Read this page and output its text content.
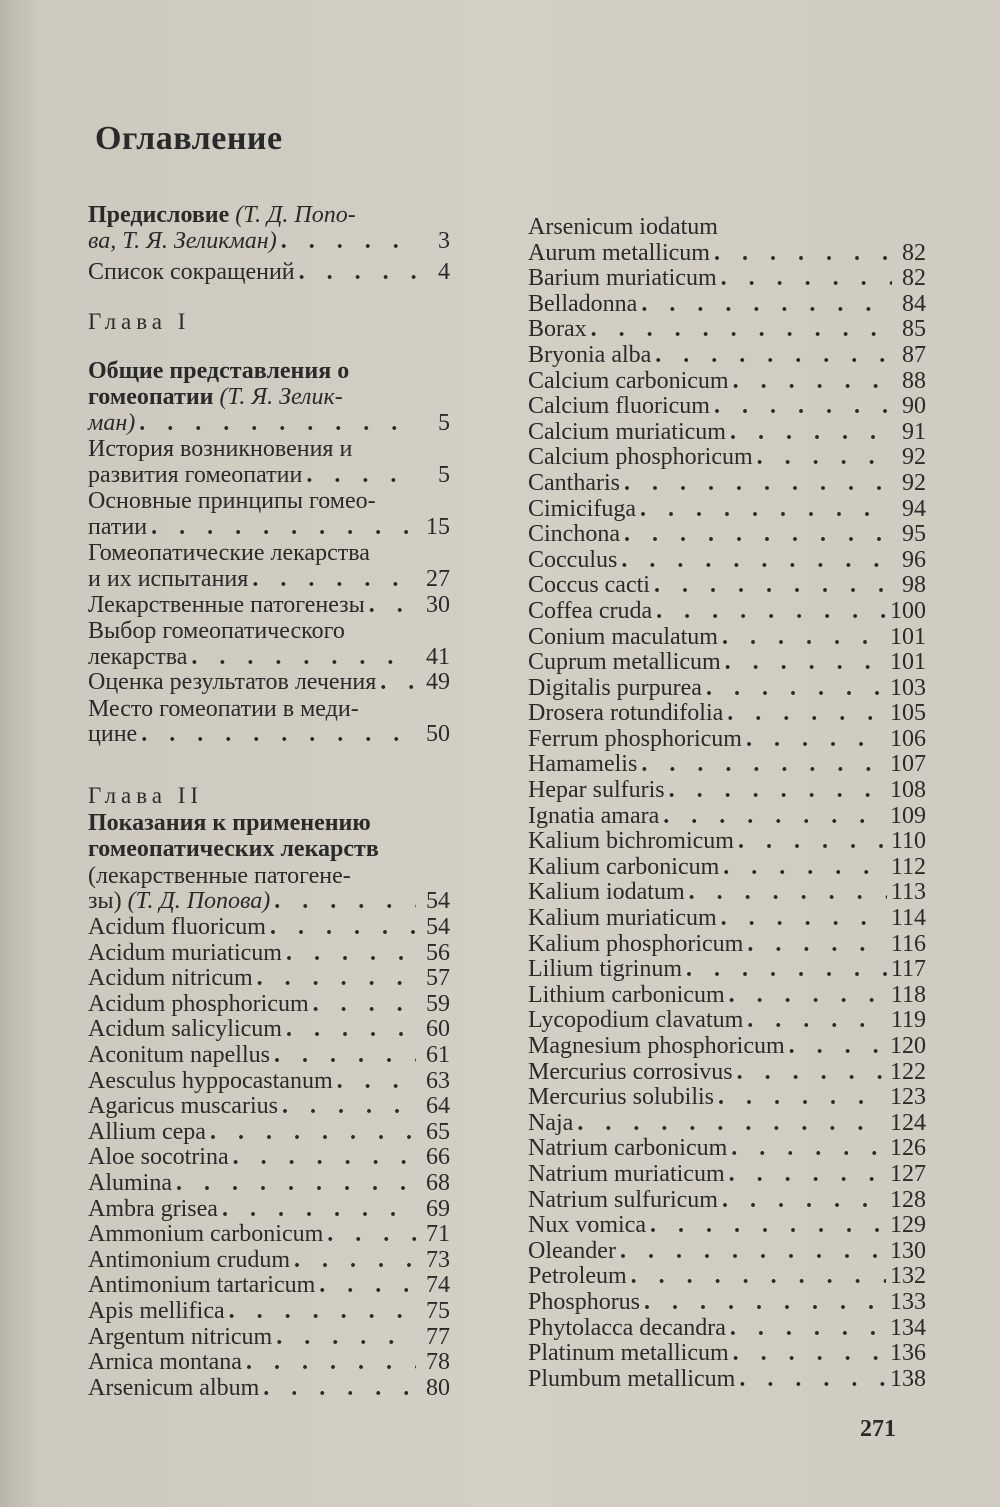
Оглавление
Предисловие (Т. Д. Попо-
ва, Т. Я. Зеликман) . . .	3
Список сокращений . . .	4
Глава I
Общие представления о
гомеопатии (Т. Я. Зелик-
ман) . . .	5
История возникновения и
развития гомеопатии . . .	5
Основные принципы гомео-
патии . . .	15
Гомеопатические лекарства
и их испытания . . .	27
Лекарственные патогенезы . . .	30
Выбор гомеопатического
лекарства . . .	41
Оценка результатов лечения . . . 49
Место гомеопатии в меди-
цине . . .	50
Глава II
Показания к применению
гомеопатических лекарств
(лекарственные патогене-
зы) (Т. Д. Попова) . . .	54
Acidum fluoricum . . .	54
Acidum muriaticum . . .	56
Acidum nitricum . . .	57
Acidum phosphoricum . . .	59
Acidum salicylicum . . .	60
Aconitum napellus . . .	61
Aesculus hyppocastanum . . .	63
Agaricus muscarius . . .	64
Allium cepa . . .	65
Aloe socotrina . . .	66
Alumina . . .	68
Ambra grisea . . .	69
Ammonium carbonicum . . .	71
Antimonium crudum . . .	73
Antimonium tartaricum . . .	74
Apis mellifica . . .	75
Argentum nitricum . . .	77
Arnica montana . . .	78
Arsenicum album . . .	80
Arsenicum iodatum
Aurum metallicum . . .	82
Barium muriaticum . . .	82
Belladonna . . .	84
Borax . . .	85
Bryonia alba . . .	87
Calcium carbonicum . . .	88
Calcium fluoricum . . .	90
Calcium muriaticum . . .	91
Calcium phosphoricum . . .	92
Cantharis . . .	92
Cimicifuga . . .	94
Cinchona . . .	95
Cocculus . . .	96
Coccus cacti . . .	98
Coffea cruda . . .	100
Conium maculatum . . .	101
Cuprum metallicum . . .	101
Digitalis purpurea . . .	103
Drosera rotundifolia . . .	105
Ferrum phosphoricum . . .	106
Hamamelis . . .	107
Hepar sulfuris . . .	108
Ignatia amara . . .	109
Kalium bichromicum . . .	110
Kalium carbonicum . . .	112
Kalium iodatum . . .	113
Kalium muriaticum . . .	114
Kalium phosphoricum . . .	116
Lilium tigrinum . . .	117
Lithium carbonicum . . .	118
Lycopodium clavatum . . .	119
Magnesium phosphoricum . . .	120
Mercurius corrosivus . . .	122
Mercurius solubilis . . .	123
Naja . . .	124
Natrium carbonicum . . .	126
Natrium muriaticum . . .	127
Natrium sulfuricum . . .	128
Nux vomica . . .	129
Oleander . . .	130
Petroleum . . .	132
Phosphorus . . .	133
Phytolacca decandra . . .	134
Platinum metallicum . . .	136
Plumbum metallicum . . .	138
271
